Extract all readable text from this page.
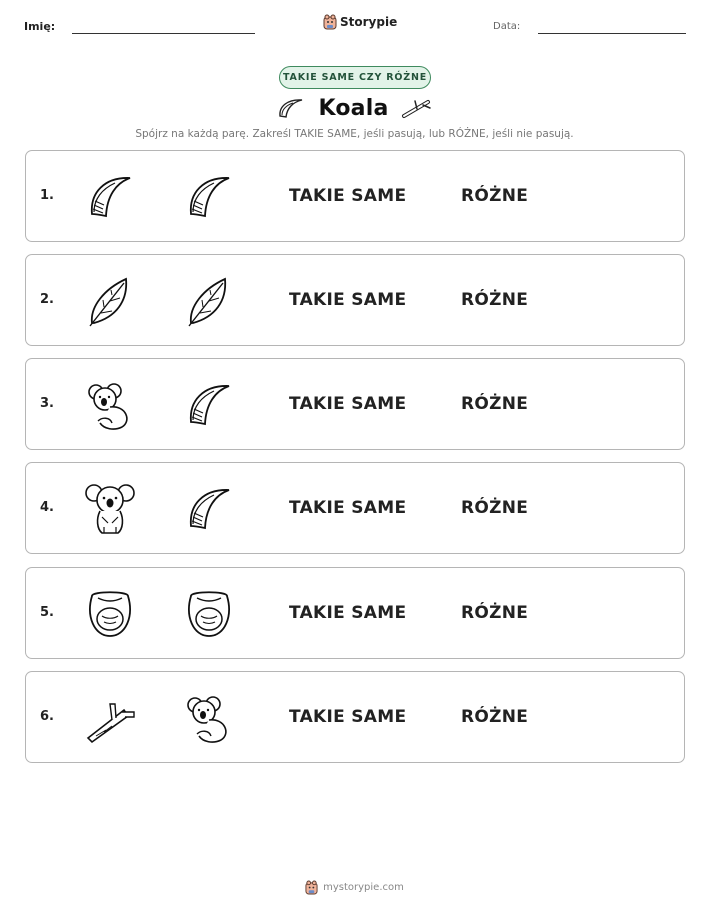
Imię:	Storypie	Data:
TAKIE SAME CZY RÓŻNE
Koala
Spójrz na każdą parę. Zakreśl TAKIE SAME, jeśli pasują, lub RÓŻNE, jeśli nie pasują.
1.	TAKIE SAME	RÓŻNE
2.	TAKIE SAME	RÓŻNE
3.	TAKIE SAME	RÓŻNE
4.	TAKIE SAME	RÓŻNE
5.	TAKIE SAME	RÓŻNE
6.	TAKIE SAME	RÓŻNE
mystorypie.com
